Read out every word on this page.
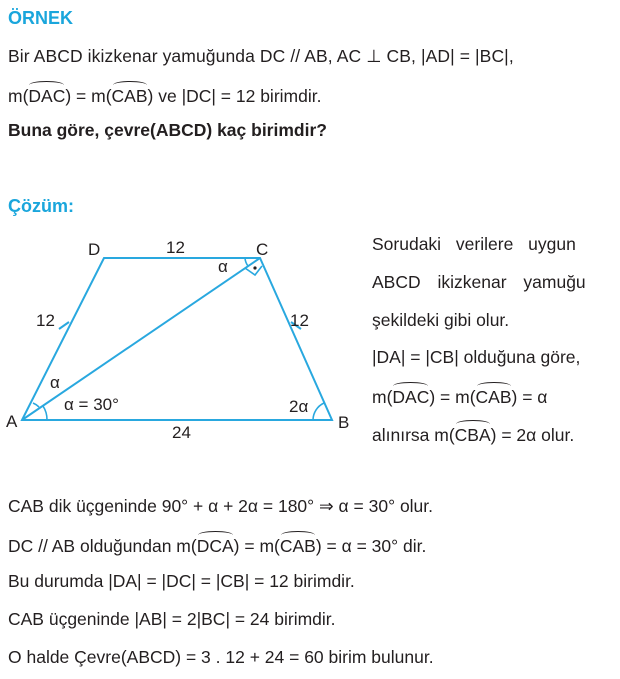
ÖRNEK
Bir ABCD ikizkenar yamuğunda DC // AB, AC ⊥ CB, |AD| = |BC|,
m(DAC) = m(CAB) ve |DC| = 12 birimdir.
Buna göre, çevre(ABCD) kaç birimdir?
Çözüm:
A	B
C
D	12
12	12
24
α
α
α = 30°	2α
Sorudaki verilere uygun
ABCD ikizkenar yamuğu
şekildeki gibi olur.
|DA| = |CB| olduğuna göre,
m(DAC) = m(CAB) = α
alınırsa m(CBA) = 2α olur.
CAB dik üçgeninde 90° + α + 2α = 180° ⇒ α = 30° olur.
DC // AB olduğundan m(DCA) = m(CAB) = α = 30° dir.
Bu durumda |DA| = |DC| = |CB| = 12 birimdir.
CAB üçgeninde |AB| = 2|BC| = 24 birimdir.
O halde Çevre(ABCD) = 3 . 12 + 24 = 60 birim bulunur.
